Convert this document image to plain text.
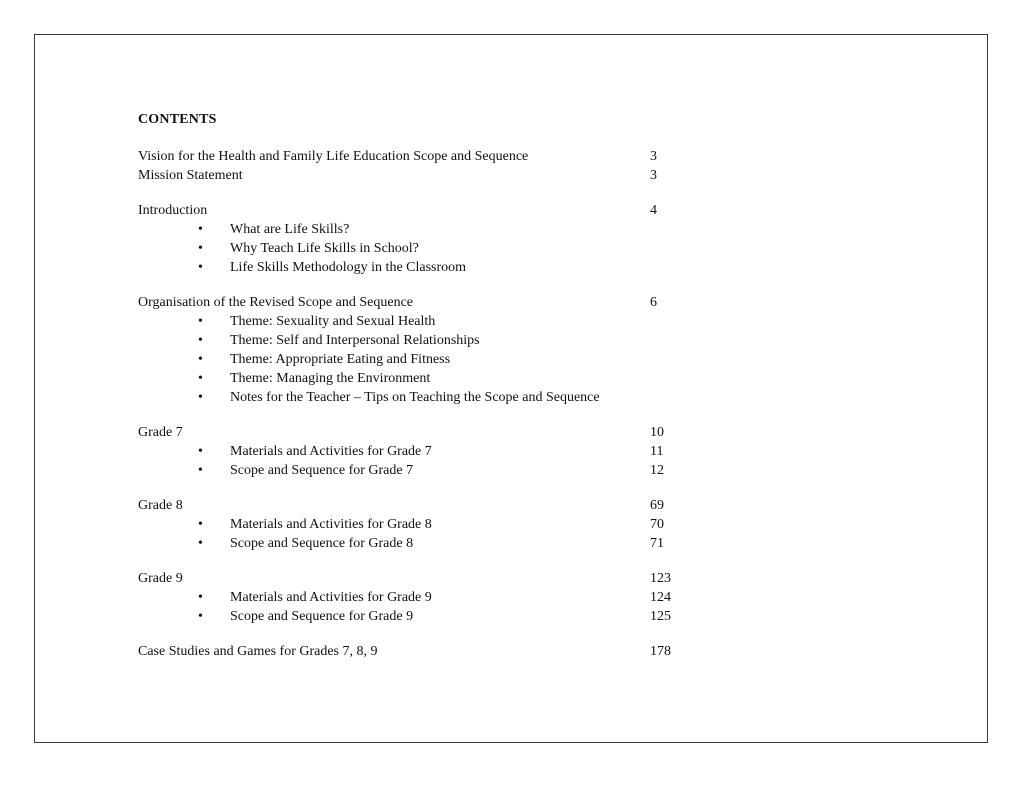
CONTENTS
Vision for the Health and Family Life Education Scope and Sequence	3
Mission Statement	3
Introduction	4
• What are Life Skills?
• Why Teach Life Skills in School?
• Life Skills Methodology in the Classroom
Organisation of the Revised Scope and Sequence	6
• Theme: Sexuality and Sexual Health
• Theme: Self and Interpersonal Relationships
• Theme: Appropriate Eating and Fitness
• Theme: Managing the Environment
• Notes for the Teacher – Tips on Teaching the Scope and Sequence
Grade 7	10
• Materials and Activities for Grade 7	11
• Scope and Sequence for Grade 7	12
Grade 8	69
• Materials and Activities for Grade 8	70
• Scope and Sequence for Grade 8	71
Grade 9	123
• Materials and Activities for Grade 9	124
• Scope and Sequence for Grade 9	125
Case Studies and Games for Grades 7, 8, 9	178
